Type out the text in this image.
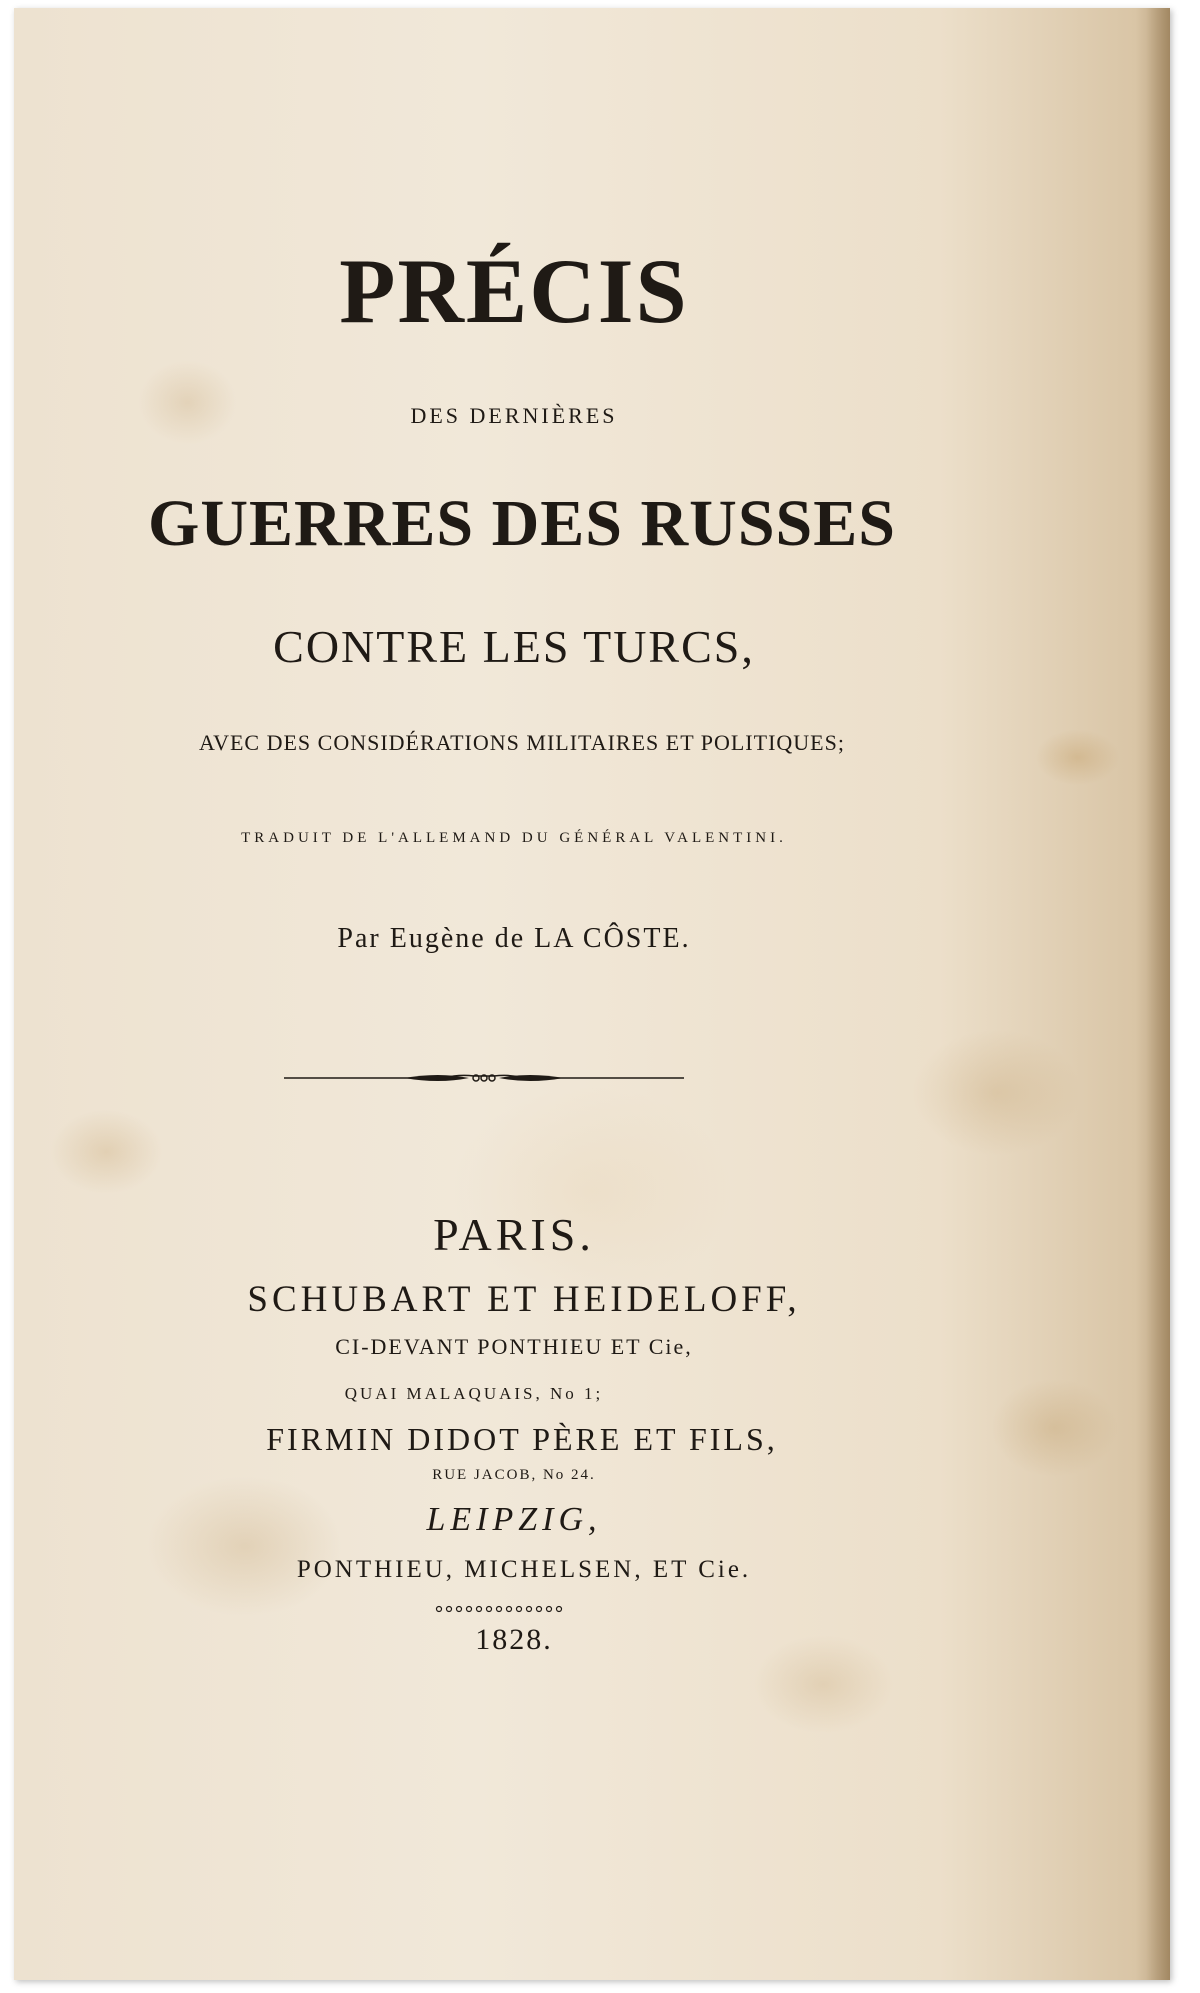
PRÉCIS
DES DERNIÈRES
GUERRES DES RUSSES
CONTRE LES TURCS,
AVEC DES CONSIDÉRATIONS MILITAIRES ET POLITIQUES;
TRADUIT DE L'ALLEMAND DU GÉNÉRAL VALENTINI.
Par Eugène de LA CÔSTE.
PARIS.
SCHUBART ET HEIDELOFF,
CI-DEVANT PONTHIEU ET Cie,
QUAI MALAQUAIS, No 1;
FIRMIN DIDOT PÈRE ET FILS,
RUE JACOB, No 24.
LEIPZIG,
PONTHIEU, MICHELSEN, ET Cie.
1828.
